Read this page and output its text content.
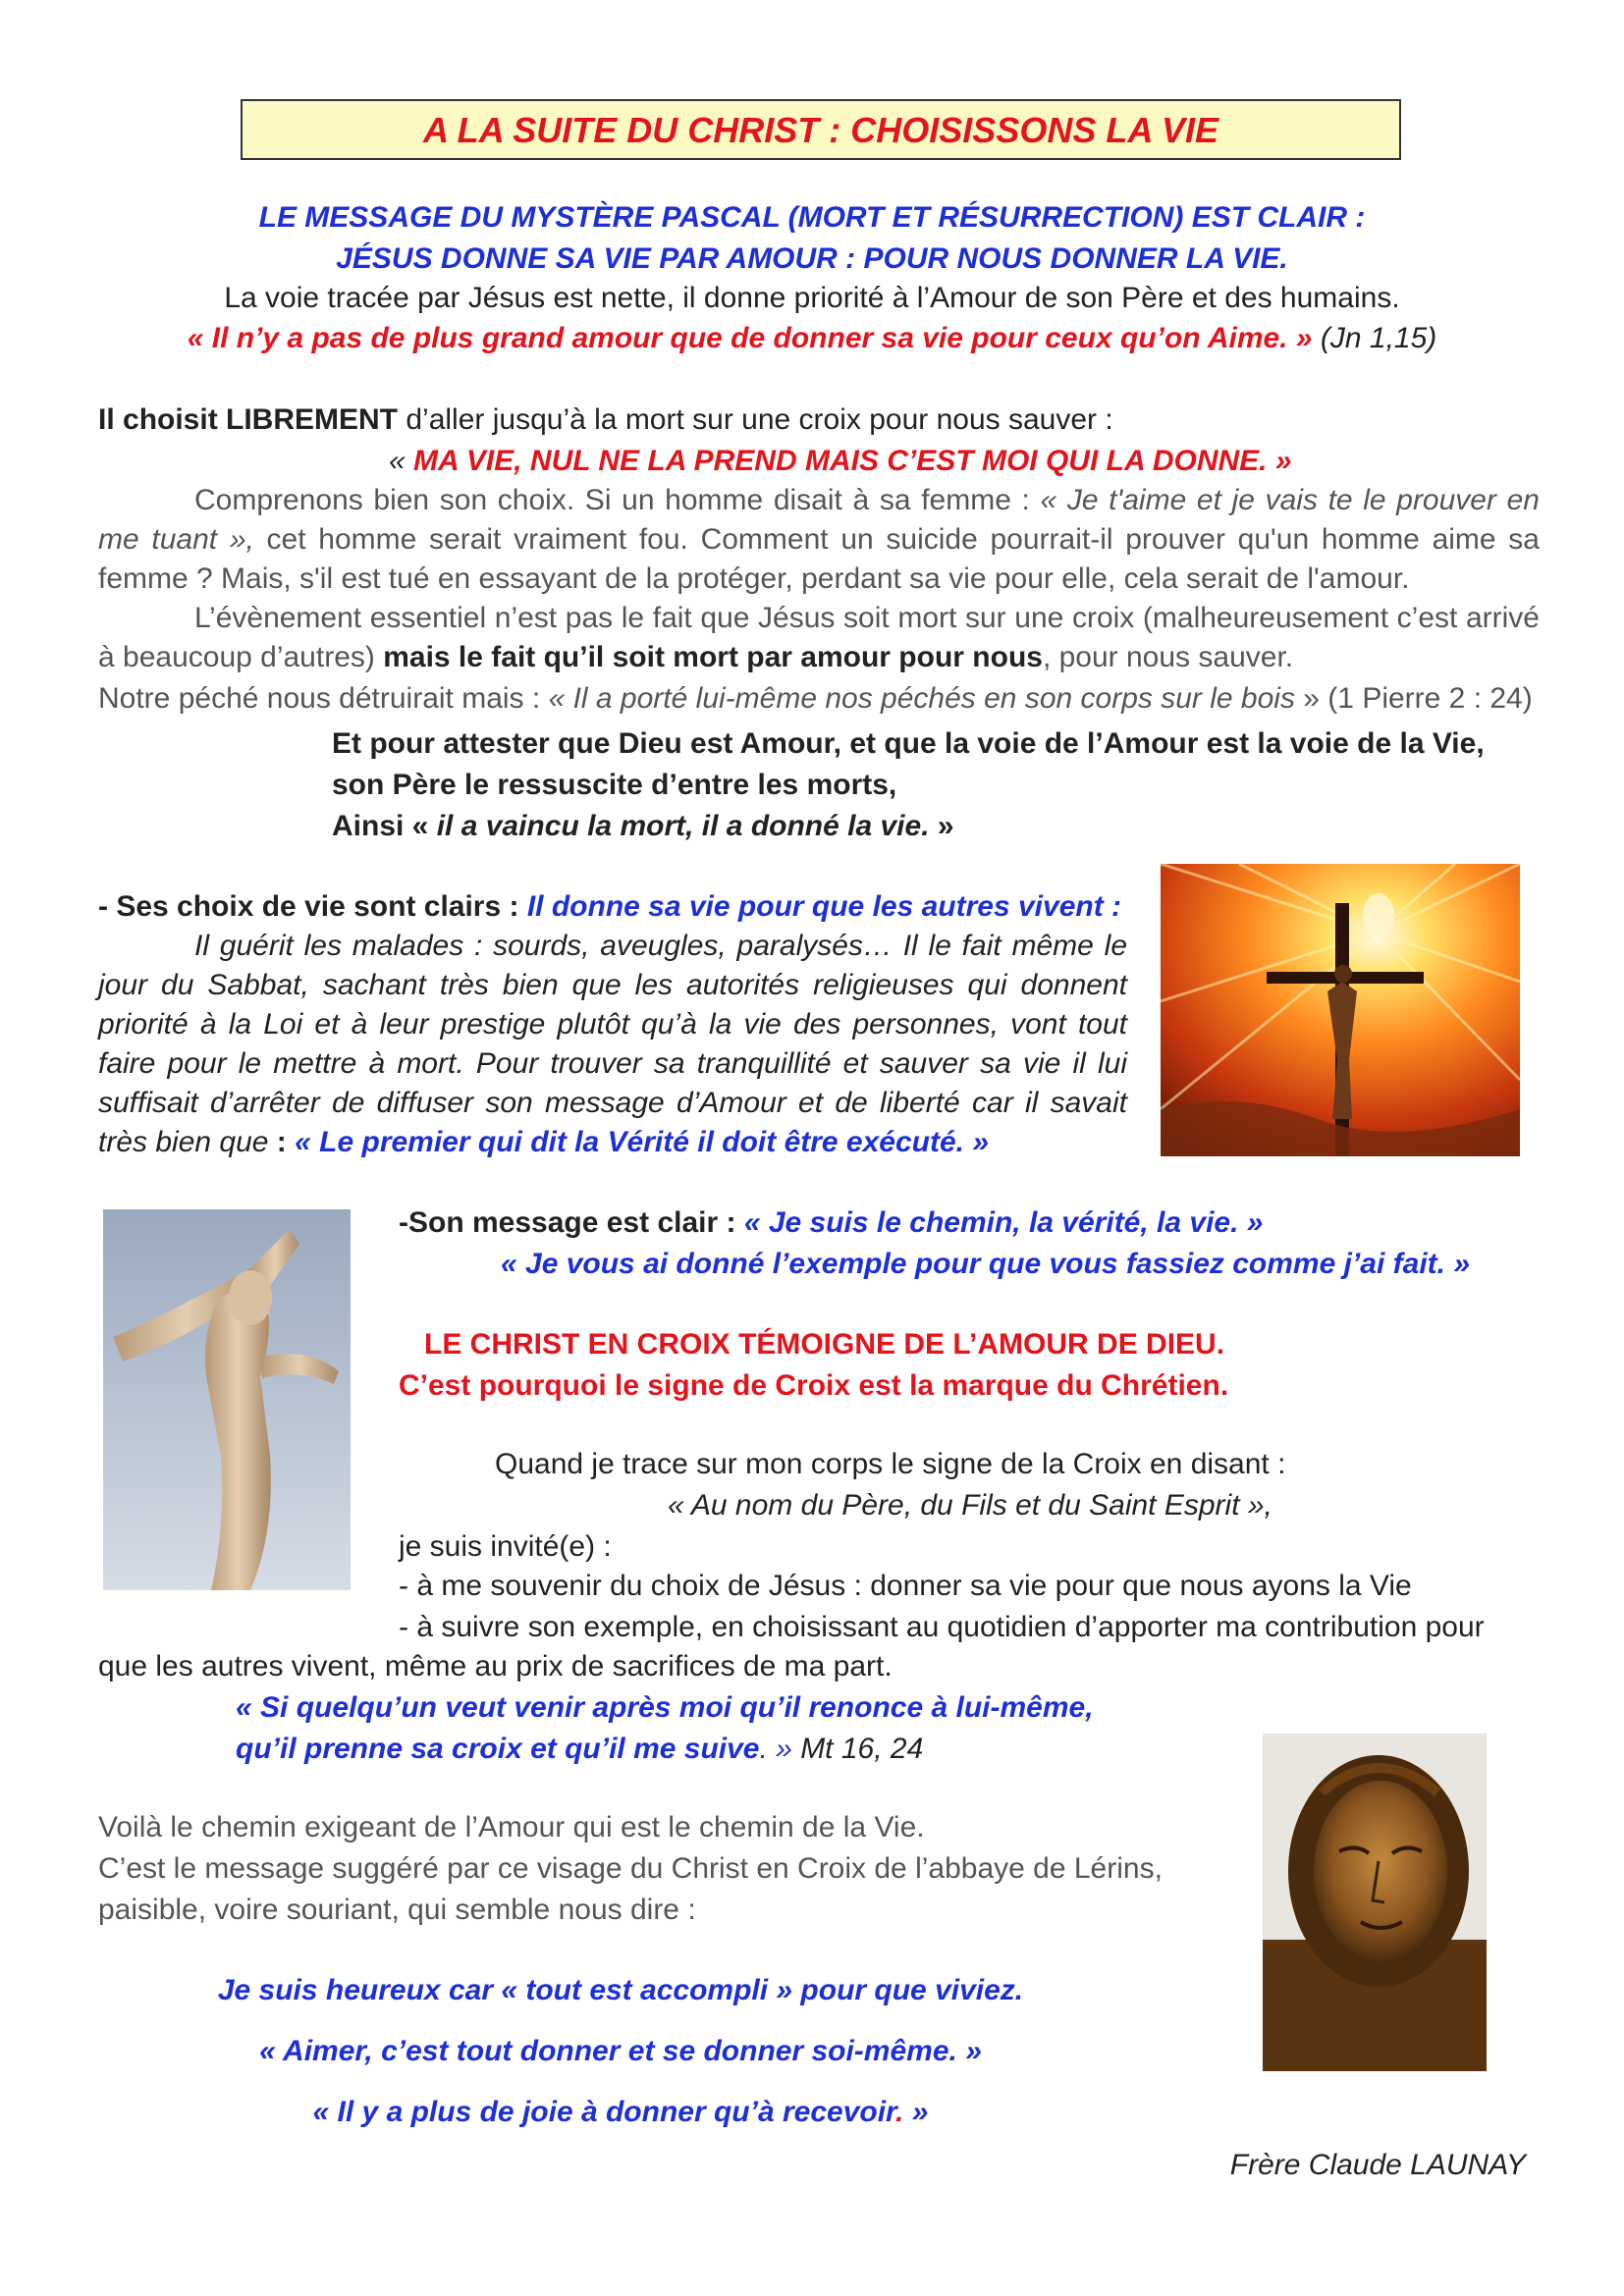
A LA SUITE DU CHRIST : CHOISISSONS LA VIE
LE MESSAGE DU MYSTÈRE PASCAL (MORT ET RÉSURRECTION) EST CLAIR :
JÉSUS DONNE SA VIE PAR AMOUR : POUR NOUS DONNER LA VIE.
La voie tracée par Jésus est nette, il donne priorité à l’Amour de son Père et des humains.
« Il n’y a pas de plus grand amour que de donner sa vie pour ceux qu’on Aime. » (Jn 1,15)
Il choisit LIBREMENT d’aller jusqu’à la mort sur une croix pour nous sauver :
« MA VIE, NUL NE LA PREND MAIS C’EST MOI QUI LA DONNE. »
Comprenons bien son choix. Si un homme disait à sa femme : « Je t'aime et je vais te le prouver en me tuant », cet homme serait vraiment fou. Comment un suicide pourrait-il prouver qu'un homme aime sa femme ? Mais, s'il est tué en essayant de la protéger, perdant sa vie pour elle, cela serait de l'amour.
L’évènement essentiel n’est pas le fait que Jésus soit mort sur une croix (malheureusement c’est arrivé à beaucoup d’autres) mais le fait qu’il soit mort par amour pour nous, pour nous sauver.
Notre péché nous détruirait mais : « Il a porté lui-même nos péchés en son corps sur le bois » (1 Pierre 2 : 24)
Et pour attester que Dieu est Amour, et que la voie de l’Amour est la voie de la Vie,
son Père le ressuscite d’entre les morts,
Ainsi « il a vaincu la mort, il a donné la vie. »
- Ses choix de vie sont clairs : Il donne sa vie pour que les autres vivent :
Il guérit les malades : sourds, aveugles, paralysés… Il le fait même le jour du Sabbat, sachant très bien que les autorités religieuses qui donnent priorité à la Loi et à leur prestige plutôt qu’à la vie des personnes, vont tout faire pour le mettre à mort. Pour trouver sa tranquillité et sauver sa vie il lui suffisait d’arrêter de diffuser son message d’Amour et de liberté car il savait très bien que : « Le premier qui dit la Vérité il doit être exécuté. »
-Son message est clair : « Je suis le chemin, la vérité, la vie. »
« Je vous ai donné l’exemple pour que vous fassiez comme j’ai fait. »
LE CHRIST EN CROIX TÉMOIGNE DE L’AMOUR DE DIEU.
C’est pourquoi le signe de Croix est la marque du Chrétien.
Quand je trace sur mon corps le signe de la Croix en disant :
« Au nom du Père, du Fils et du Saint Esprit »,
je suis invité(e) :
- à me souvenir du choix de Jésus : donner sa vie pour que nous ayons la Vie
- à suivre son exemple, en choisissant au quotidien d’apporter ma contribution pour
que les autres vivent, même au prix de sacrifices de ma part.
« Si quelqu’un veut venir après moi qu’il renonce à lui-même,
qu’il prenne sa croix et qu’il me suive. » Mt 16, 24
Voilà le chemin exigeant de l’Amour qui est le chemin de la Vie.
C’est le message suggéré par ce visage du Christ en Croix de l’abbaye de Lérins,
paisible, voire souriant, qui semble nous dire :
Je suis heureux car « tout est accompli » pour que viviez.
« Aimer, c’est tout donner et se donner soi-même. »
« Il y a plus de joie à donner qu’à recevoir. »
Frère Claude LAUNAY
